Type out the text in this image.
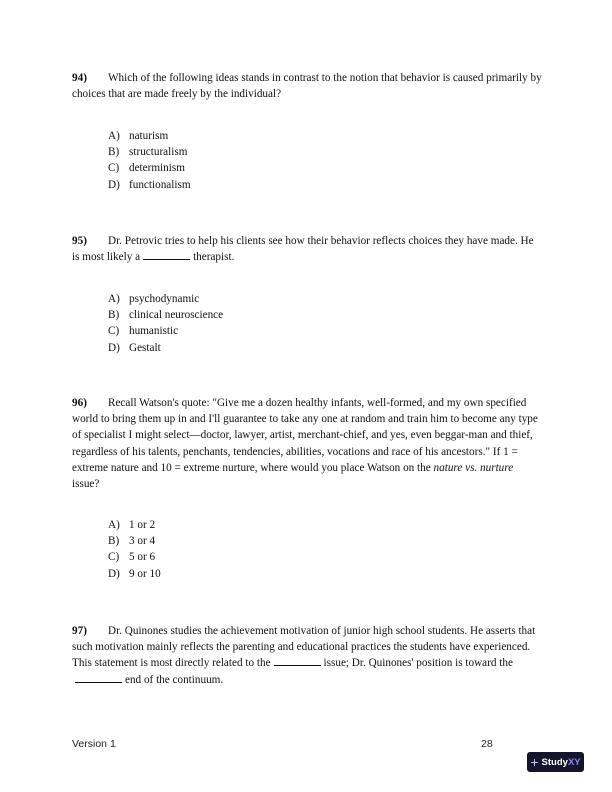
94) Which of the following ideas stands in contrast to the notion that behavior is caused primarily by choices that are made freely by the individual?

A) naturism
B) structuralism
C) determinism
D) functionalism

95) Dr. Petrovic tries to help his clients see how their behavior reflects choices they have made. He is most likely a	therapist.

A) psychodynamic
B) clinical neuroscience
C) humanistic
D) Gestalt

96) Recall Watson's quote: "Give me a dozen healthy infants, well-formed, and my own specified world to bring them up in and I'll guarantee to take any one at random and train him to become any type of specialist I might select—doctor, lawyer, artist, merchant-chief, and yes, even beggar-man and thief, regardless of his talents, penchants, tendencies, abilities, vocations and race of his ancestors." If 1 = extreme nature and 10 = extreme nurture, where would you place Watson on the nature vs. nurture issue?

A) 1 or 2
B) 3 or 4
C) 5 or 6
D) 9 or 10

97) Dr. Quinones studies the achievement motivation of junior high school students. He asserts that such motivation mainly reflects the parenting and educational practices the students have experienced. This statement is most directly related to the	issue; Dr. Quinones' position is toward theend of the continuum.

Version 1	28
+ StudyXY
